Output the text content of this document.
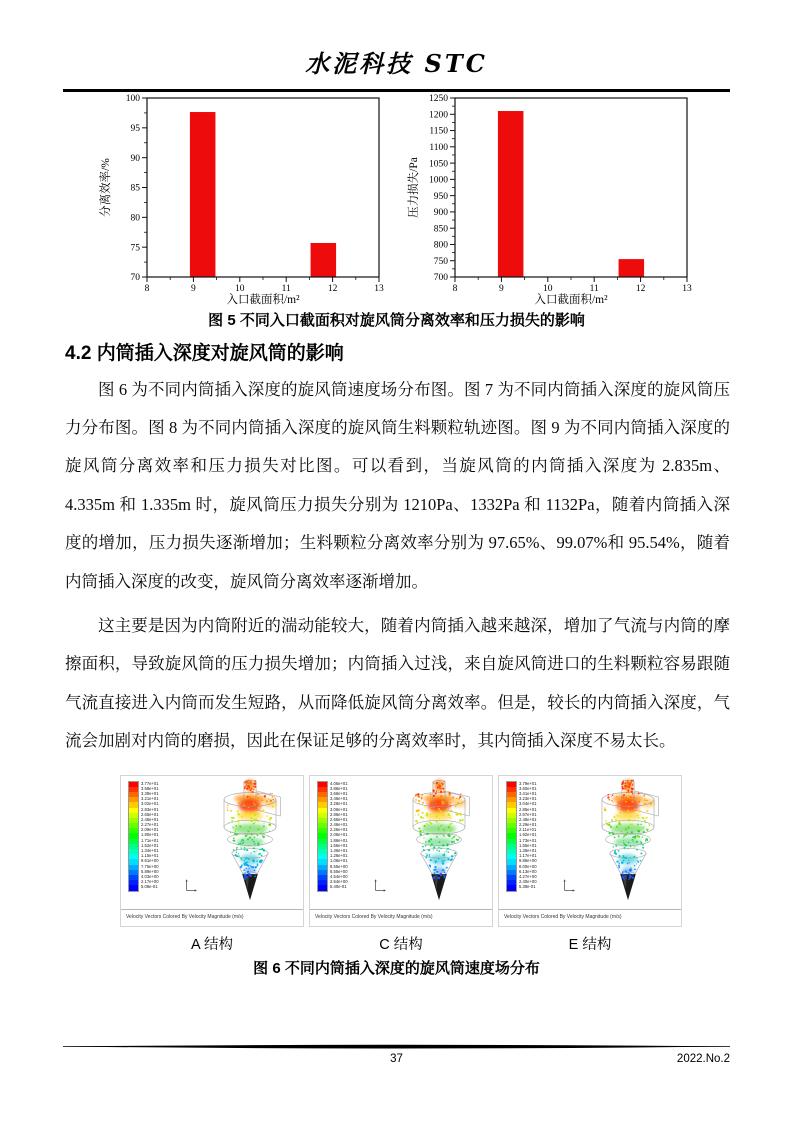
水泥科技 STC
70
75
80
85
90
95
100
8	9	10	11	12	13
入口截面积/m²
分离效率/%
700
750
800
850
900
950
1000
1050
1100
1150
1200
1250
8	9	10	11	12	13
入口截面积/m²
压力损失/Pa
图 5 不同入口截面积对旋风筒分离效率和压力损失的影响
4.2 内筒插入深度对旋风筒的影响

图 6 为不同内筒插入深度的旋风筒速度场分布图。图 7 为不同内筒插入深度的旋风筒压力分布图。图 8 为不同内筒插入深度的旋风筒生料颗粒轨迹图。图 9 为不同内筒插入深度的旋风筒分离效率和压力损失对比图。可以看到，当旋风筒的内筒插入深度为 2.835m、4.335m 和 1.335m 时，旋风筒压力损失分别为 1210Pa、1332Pa 和 1132Pa，随着内筒插入深度的增加，压力损失逐渐增加；生料颗粒分离效率分别为 97.65%、99.07%和 95.54%，随着内筒插入深度的改变，旋风筒分离效率逐渐增加。

这主要是因为内筒附近的湍动能较大，随着内筒插入越来越深，增加了气流与内筒的摩擦面积，导致旋风筒的压力损失增加；内筒插入过浅，来自旋风筒进口的生料颗粒容易跟随气流直接进入内筒而发生短路，从而降低旋风筒分离效率。但是，较长的内筒插入深度，气流会加剧对内筒的磨损，因此在保证足够的分离效率时，其内筒插入深度不易太长。

3.77e+01
3.58e+01
3.39e+01
3.21e+01
3.02e+01
2.83e+01
2.65e+01
2.46e+01
2.27e+01
2.09e+01
1.90e+01
1.71e+01
1.52e+01
1.34e+01
1.15e+01
9.61e+00
7.75e+00
5.89e+00
4.03e+00
2.17e+00
5.08e-01
Velocity Vectors Colored By Velocity Magnitude (m/s)
4.06e+01
3.86e+01
3.66e+01
3.46e+01
3.26e+01
3.06e+01
2.86e+01
2.66e+01
2.46e+01
2.26e+01
2.06e+01
1.86e+01
1.66e+01
1.46e+01
1.26e+01
1.06e+01
8.55e+00
6.55e+00
4.54e+00
2.54e+00
5.40e-01
Velocity Vectors Colored By Velocity Magnitude (m/s)
3.79e+01
3.60e+01
3.41e+01
3.23e+01
3.04e+01
2.85e+01
2.67e+01
2.48e+01
2.29e+01
2.11e+01
1.92e+01
1.73e+01
1.55e+01
1.36e+01
1.17e+01
9.86e+00
8.00e+00
6.13e+00
4.27e+00
2.40e+00
5.38e-01
Velocity Vectors Colored By Velocity Magnitude (m/s)
A 结构	C 结构	E 结构
图 6 不同内筒插入深度的旋风筒速度场分布
37	2022.No.2
